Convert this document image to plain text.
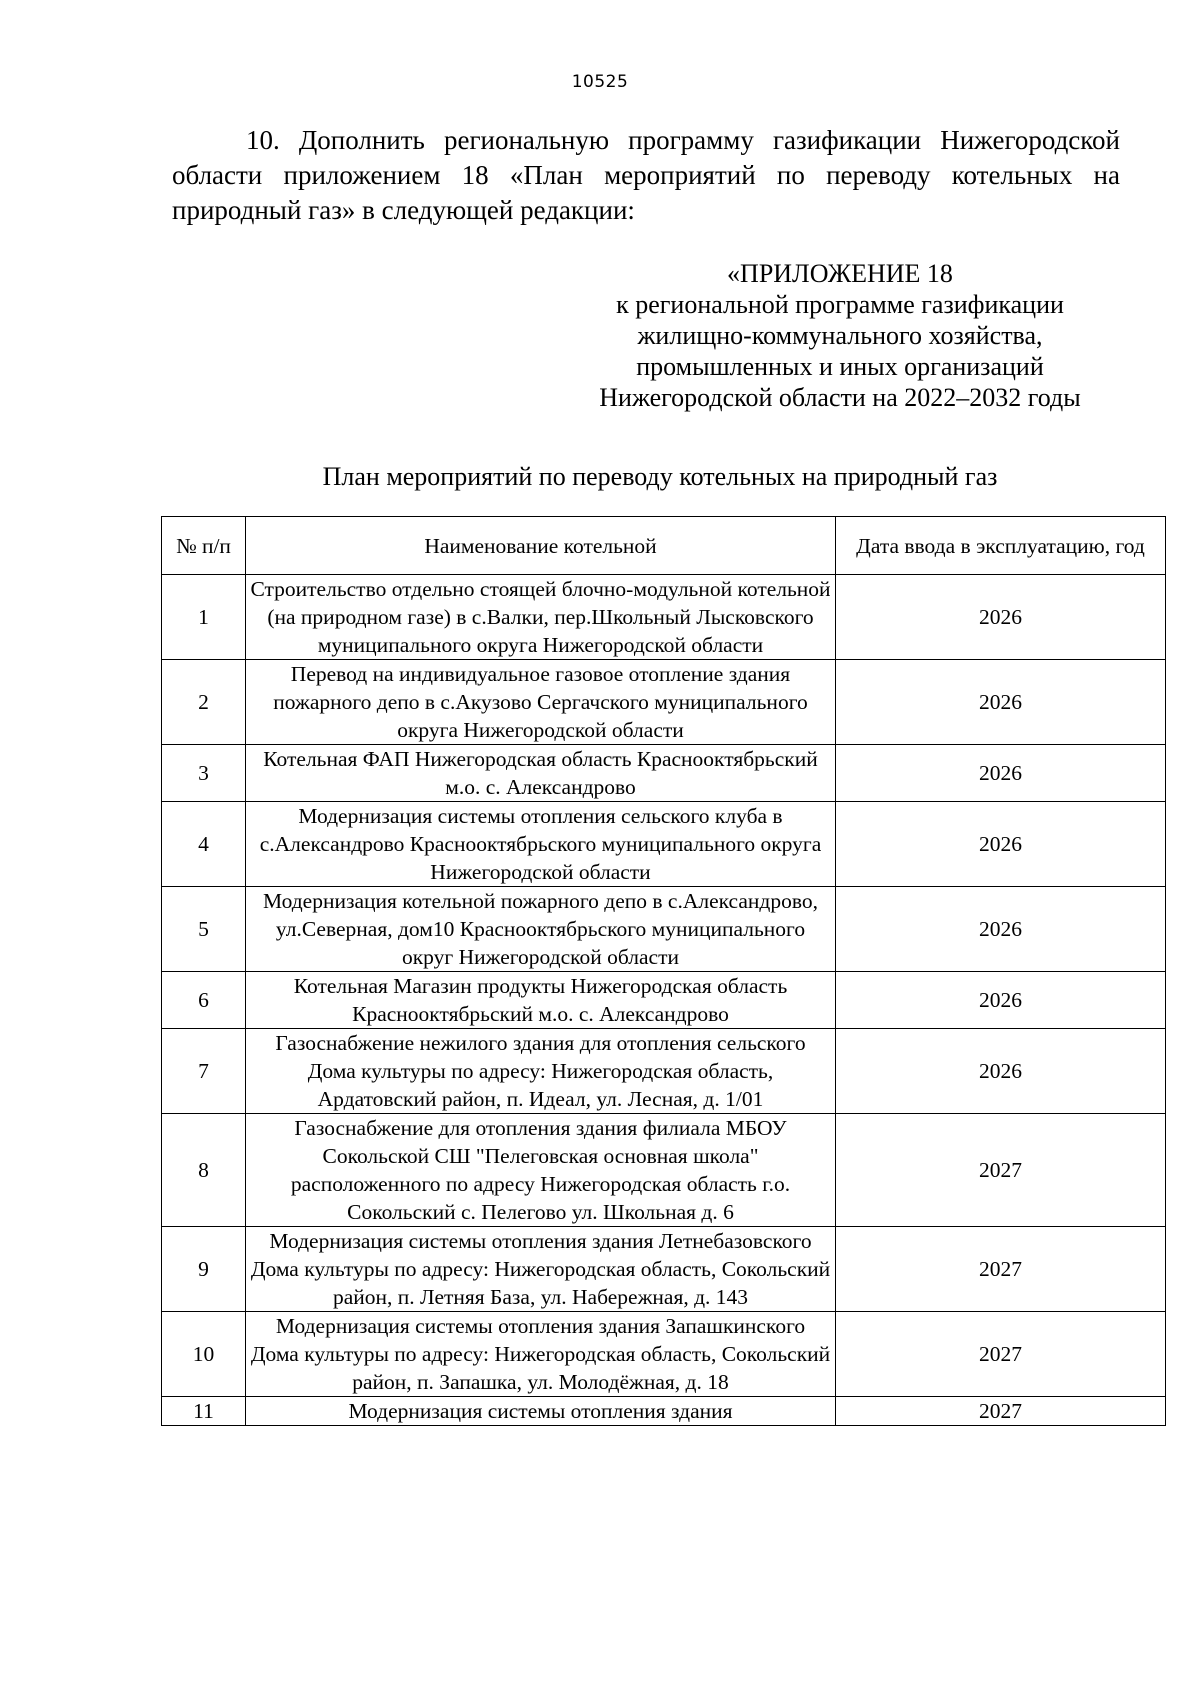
10525

10. Дополнить региональную программу газификации Нижегородской области приложением 18 «План мероприятий по переводу котельных на природный газ» в следующей редакции:

«ПРИЛОЖЕНИЕ 18
к региональной программе газификации
жилищно-коммунального хозяйства,
промышленных и иных организаций
Нижегородской области на 2022–2032 годы
План мероприятий по переводу котельных на природный газ
№ п/п	Наименование котельной	Дата ввода в эксплуатацию, год
1	Строительство отдельно стоящей блочно-модульной котельной (на природном газе) в с.Валки, пер.Школьный Лысковского муниципального округа Нижегородской области	2026
2	Перевод на индивидуальное газовое отопление здания пожарного депо в с.Акузово Сергачского муниципального округа Нижегородской области	2026
3	Котельная ФАП Нижегородская область Краснооктябрьский м.о. с. Александрово	2026
4	Модернизация системы отопления сельского клуба в с.Александрово Краснооктябрьского муниципального округа Нижегородской области	2026
5	Модернизация котельной пожарного депо в с.Александрово, ул.Северная, дом10 Краснооктябрьского муниципального округ Нижегородской области	2026
6	Котельная Магазин продукты Нижегородская область Краснооктябрьский м.о. с. Александрово	2026
7	Газоснабжение нежилого здания для отопления сельского Дома культуры по адресу: Нижегородская область, Ардатовский район, п. Идеал, ул. Лесная, д. 1/01	2026
8	Газоснабжение для отопления здания филиала МБОУ Сокольской СШ "Пелеговская основная школа" расположенного по адресу Нижегородская область г.о. Сокольский с. Пелегово ул. Школьная д. 6	2027
9	Модернизация системы отопления здания Летнебазовского Дома культуры по адресу: Нижегородская область, Сокольский район, п. Летняя База, ул. Набережная, д. 143	2027
10	Модернизация системы отопления здания Запашкинского Дома культуры по адресу: Нижегородская область, Сокольский район, п. Запашка, ул. Молодёжная, д. 18	2027
11	Модернизация системы отопления здания	2027
